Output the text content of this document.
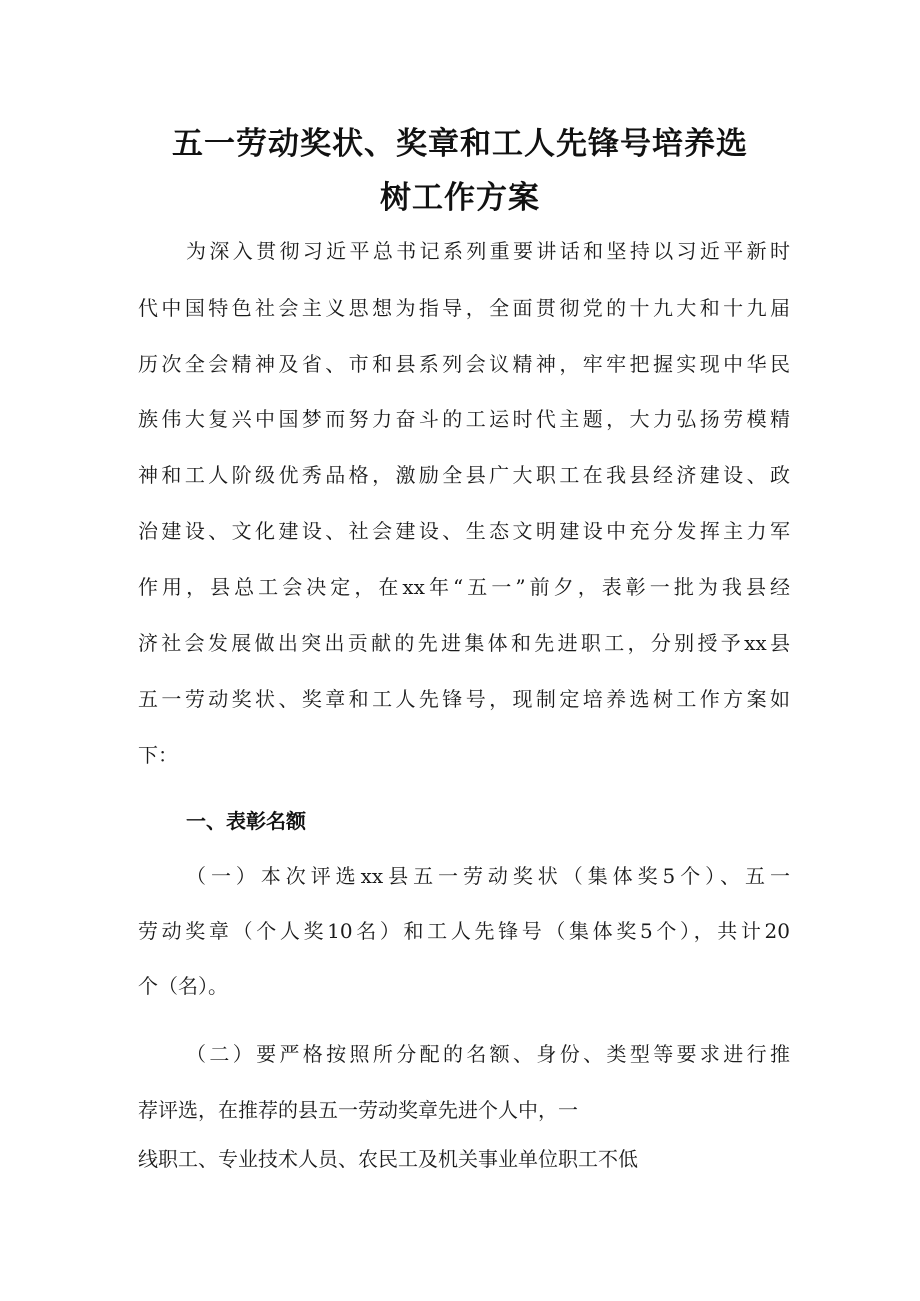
五一劳动奖状、奖章和工人先锋号培养选
树工作方案
为深入贯彻习近平总书记系列重要讲话和坚持以习近平新时
代中国特色社会主义思想为指导，全面贯彻党的十九大和十九届
历次全会精神及省、市和县系列会议精神，牢牢把握实现中华民
族伟大复兴中国梦而努力奋斗的工运时代主题，大力弘扬劳模精
神和工人阶级优秀品格，激励全县广大职工在我县经济建设、政
治建设、文化建设、社会建设、生态文明建设中充分发挥主力军
作用，县总工会决定，在xx年“五一”前夕，表彰一批为我县经
济社会发展做出突出贡献的先进集体和先进职工，分别授予xx县
五一劳动奖状、奖章和工人先锋号，现制定培养选树工作方案如
下：
一、表彰名额
（一）本次评选xx县五一劳动奖状（集体奖5个）、五一
劳动奖章（个人奖10名）和工人先锋号（集体奖5个），共计20
个（名）。
（二）要严格按照所分配的名额、身份、类型等要求进行推
荐评选，在推荐的县五一劳动奖章先进个人中，一
线职工、专业技术人员、农民工及机关事业单位职工不低
